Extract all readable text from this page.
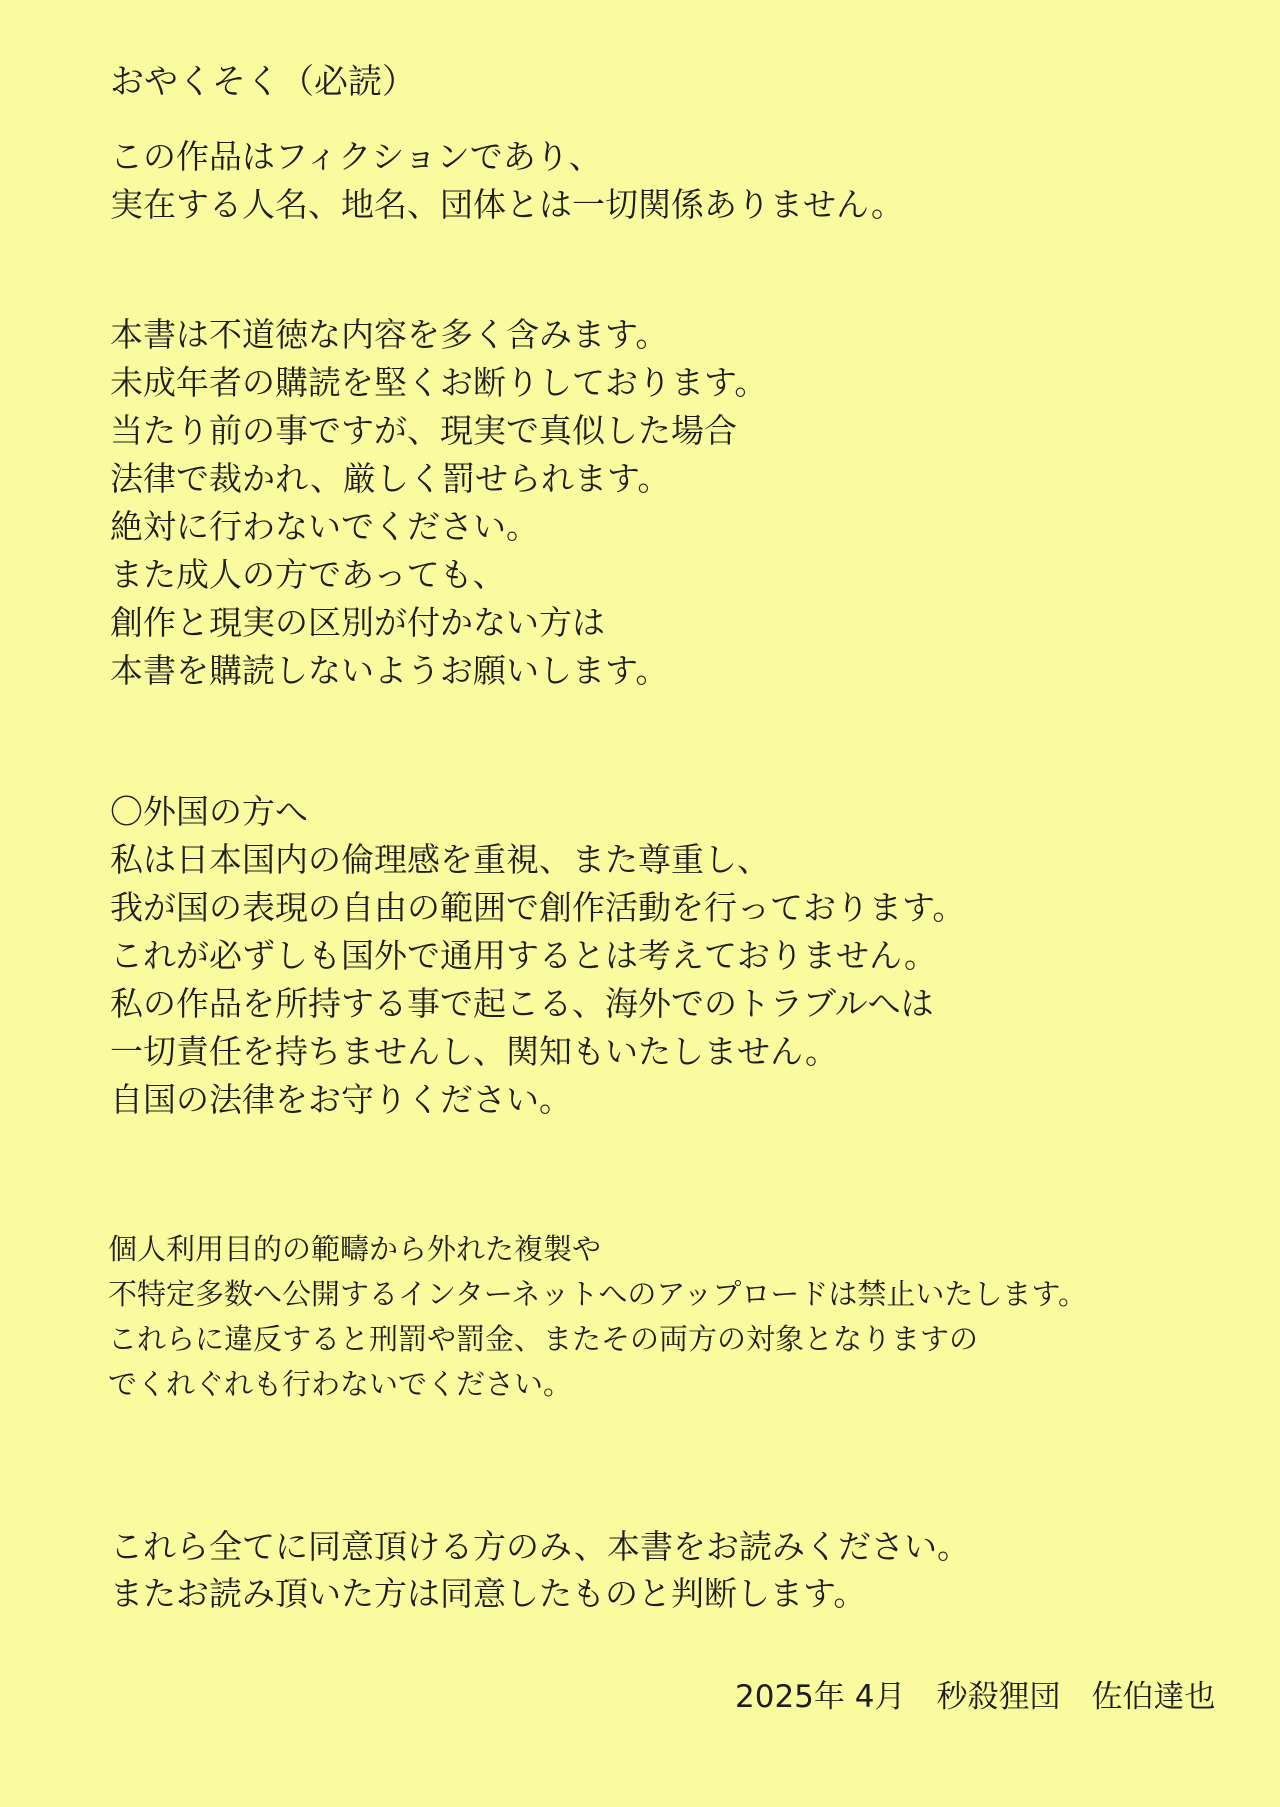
おやくそく（必読）
この作品はフィクションであり、
実在する人名、地名、団体とは一切関係ありません。
本書は不道徳な内容を多く含みます。
未成年者の購読を堅くお断りしております。
当たり前の事ですが、現実で真似した場合
法律で裁かれ、厳しく罰せられます。
絶対に行わないでください。
また成人の方であっても、
創作と現実の区別が付かない方は
本書を購読しないようお願いします。
〇外国の方へ
私は日本国内の倫理感を重視、また尊重し、
我が国の表現の自由の範囲で創作活動を行っております。
これが必ずしも国外で通用するとは考えておりません。
私の作品を所持する事で起こる、海外でのトラブルへは
一切責任を持ちませんし、関知もいたしません。
自国の法律をお守りください。
個人利用目的の範疇から外れた複製や
不特定多数へ公開するインターネットへのアップロードは禁止いたします。
これらに違反すると刑罰や罰金、またその両方の対象となりますの
でくれぐれも行わないでください。
これら全てに同意頂ける方のみ、本書をお読みください。
またお読み頂いた方は同意したものと判断します。
2025年 4月　秒殺狸団　佐伯達也
